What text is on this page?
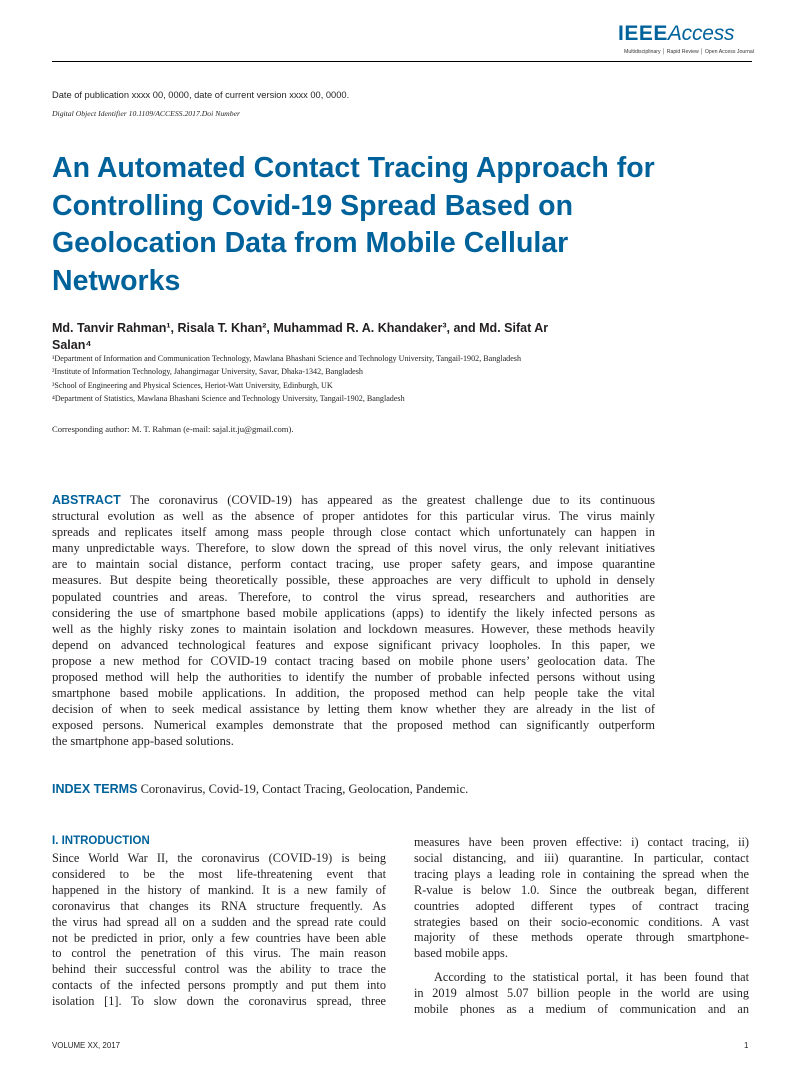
IEEEAccess
Multidisciplinary │ Rapid Review │ Open Access Journal
Date of publication xxxx 00, 0000, date of current version xxxx 00, 0000.
Digital Object Identifier 10.1109/ACCESS.2017.Doi Number
An Automated Contact Tracing Approach for
Controlling Covid-19 Spread Based on
Geolocation Data from Mobile Cellular
Networks
Md. Tanvir Rahman¹, Risala T. Khan², Muhammad R. A. Khandaker³, and Md. Sifat Ar
Salan⁴
¹Department of Information and Communication Technology, Mawlana Bhashani Science and Technology University, Tangail-1902, Bangladesh
²Institute of Information Technology, Jahangirnagar University, Savar, Dhaka-1342, Bangladesh
³School of Engineering and Physical Sciences, Heriot-Watt University, Edinburgh, UK
⁴Department of Statistics, Mawlana Bhashani Science and Technology University, Tangail-1902, Bangladesh
Corresponding author: M. T. Rahman (e-mail: sajal.it.ju@gmail.com).
ABSTRACT The coronavirus (COVID-19) has appeared as the greatest challenge due to its continuous
structural evolution as well as the absence of proper antidotes for this particular virus. The virus mainly
spreads and replicates itself among mass people through close contact which unfortunately can happen in
many unpredictable ways. Therefore, to slow down the spread of this novel virus, the only relevant initiatives
are to maintain social distance, perform contact tracing, use proper safety gears, and impose quarantine
measures. But despite being theoretically possible, these approaches are very difficult to uphold in densely
populated countries and areas. Therefore, to control the virus spread, researchers and authorities are
considering the use of smartphone based mobile applications (apps) to identify the likely infected persons as
well as the highly risky zones to maintain isolation and lockdown measures. However, these methods heavily
depend on advanced technological features and expose significant privacy loopholes. In this paper, we
propose a new method for COVID-19 contact tracing based on mobile phone users’ geolocation data. The
proposed method will help the authorities to identify the number of probable infected persons without using
smartphone based mobile applications. In addition, the proposed method can help people take the vital
decision of when to seek medical assistance by letting them know whether they are already in the list of
exposed persons. Numerical examples demonstrate that the proposed method can significantly outperform
the smartphone app-based solutions.
INDEX TERMS Coronavirus, Covid-19, Contact Tracing, Geolocation, Pandemic.
I. INTRODUCTION
Since World War II, the coronavirus (COVID-19) is being
considered to be the most life-threatening event that
happened in the history of mankind. It is a new family of
coronavirus that changes its RNA structure frequently. As
the virus had spread all on a sudden and the spread rate could
not be predicted in prior, only a few countries have been able
to control the penetration of this virus. The main reason
behind their successful control was the ability to trace the
contacts of the infected persons promptly and put them into
isolation [1]. To slow down the coronavirus spread, three
measures have been proven effective: i) contact tracing, ii)
social distancing, and iii) quarantine. In particular, contact
tracing plays a leading role in containing the spread when the
R-value is below 1.0. Since the outbreak began, different
countries adopted different types of contract tracing
strategies based on their socio-economic conditions. A vast
majority of these methods operate through smartphone-
based mobile apps.
According to the statistical portal, it has been found that
in 2019 almost 5.07 billion people in the world are using
mobile phones as a medium of communication and an
VOLUME XX, 2017	1
